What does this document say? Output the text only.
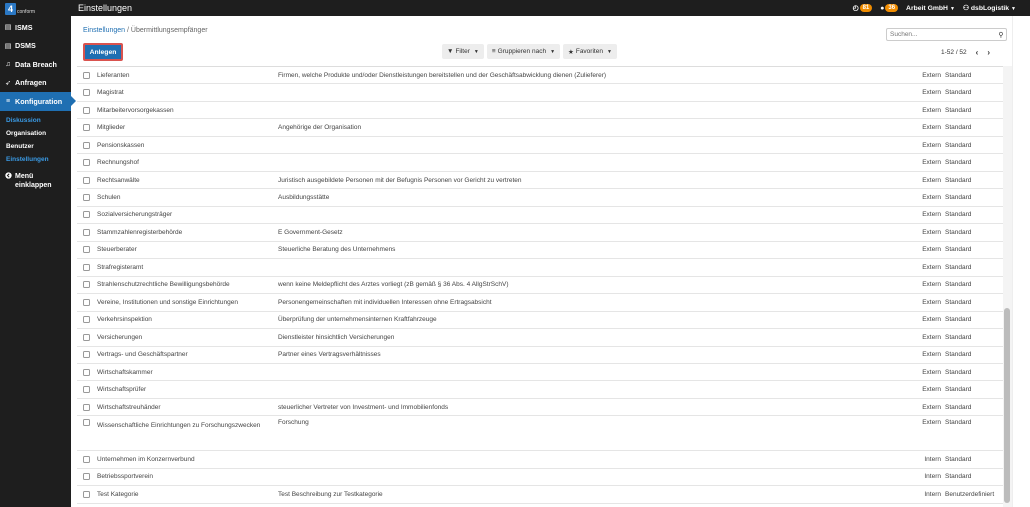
4 conform
▤ ISMS
▤ DSMS
♫ Data Breach
➶ Anfragen
≡ Konfiguration
Diskussion
Organisation
Benutzer
Einstellungen
Menü
einklappen
Einstellungen	◴ 81	● 36	Arbeit GmbH ▼ ⚇ dsbLogistik ▼
Einstellungen / Übermittlungsempfänger
Suchen...
⚲
Anlegen	▼ Filter ▼ ≡ Gruppieren nach ▼ ★ Favoriten ▼	1-52 / 52 ‹ ›
Lieferanten	Firmen, welche Produkte und/oder Dienstleistungen bereitstellen und der Geschäftsabwicklung dienen (Zulieferer)	Extern Standard
Magistrat	Extern Standard
Mitarbeitervorsorgekassen	Extern Standard
Mitglieder	Angehörige der Organisation	Extern Standard
Pensionskassen	Extern Standard
Rechnungshof	Extern Standard
Rechtsanwälte	Juristisch ausgebildete Personen mit der Befugnis Personen vor Gericht zu vertreten	Extern Standard
Schulen	Ausbildungsstätte	Extern Standard
Sozialversicherungsträger	Extern Standard
Stammzahlenregisterbehörde	E Government-Gesetz	Extern Standard
Steuerberater	Steuerliche Beratung des Unternehmens	Extern Standard
Strafregisteramt	Extern Standard
Strahlenschutzrechtliche Bewilligungsbehörde	wenn keine Meldepflicht des Arztes vorliegt (zB gemäß § 36 Abs. 4 AllgStrSchV)	Extern Standard
Vereine, Institutionen und sonstige Einrichtungen	Personengemeinschaften mit individuellen Interessen ohne Ertragsabsicht	Extern Standard
Verkehrsinspektion	Überprüfung der unternehmensinternen Kraftfahrzeuge	Extern Standard
Versicherungen	Dienstleister hinsichtlich Versicherungen	Extern Standard
Vertrags- und Geschäftspartner	Partner eines Vertragsverhältnisses	Extern Standard
Wirtschaftskammer	Extern Standard
Wirtschaftsprüfer	Extern Standard
Wirtschaftstreuhänder	steuerlicher Vertreter von Investment- und Immobilienfonds	Extern Standard
Wissenschaftliche Einrichtungen zu Forschungszwecken	Forschung	Extern Standard
Unternehmen im Konzernverbund	Intern Standard
Betriebssportverein	Intern Standard
Test Kategorie	Test Beschreibung zur Testkategorie	Intern Benutzerdefiniert
